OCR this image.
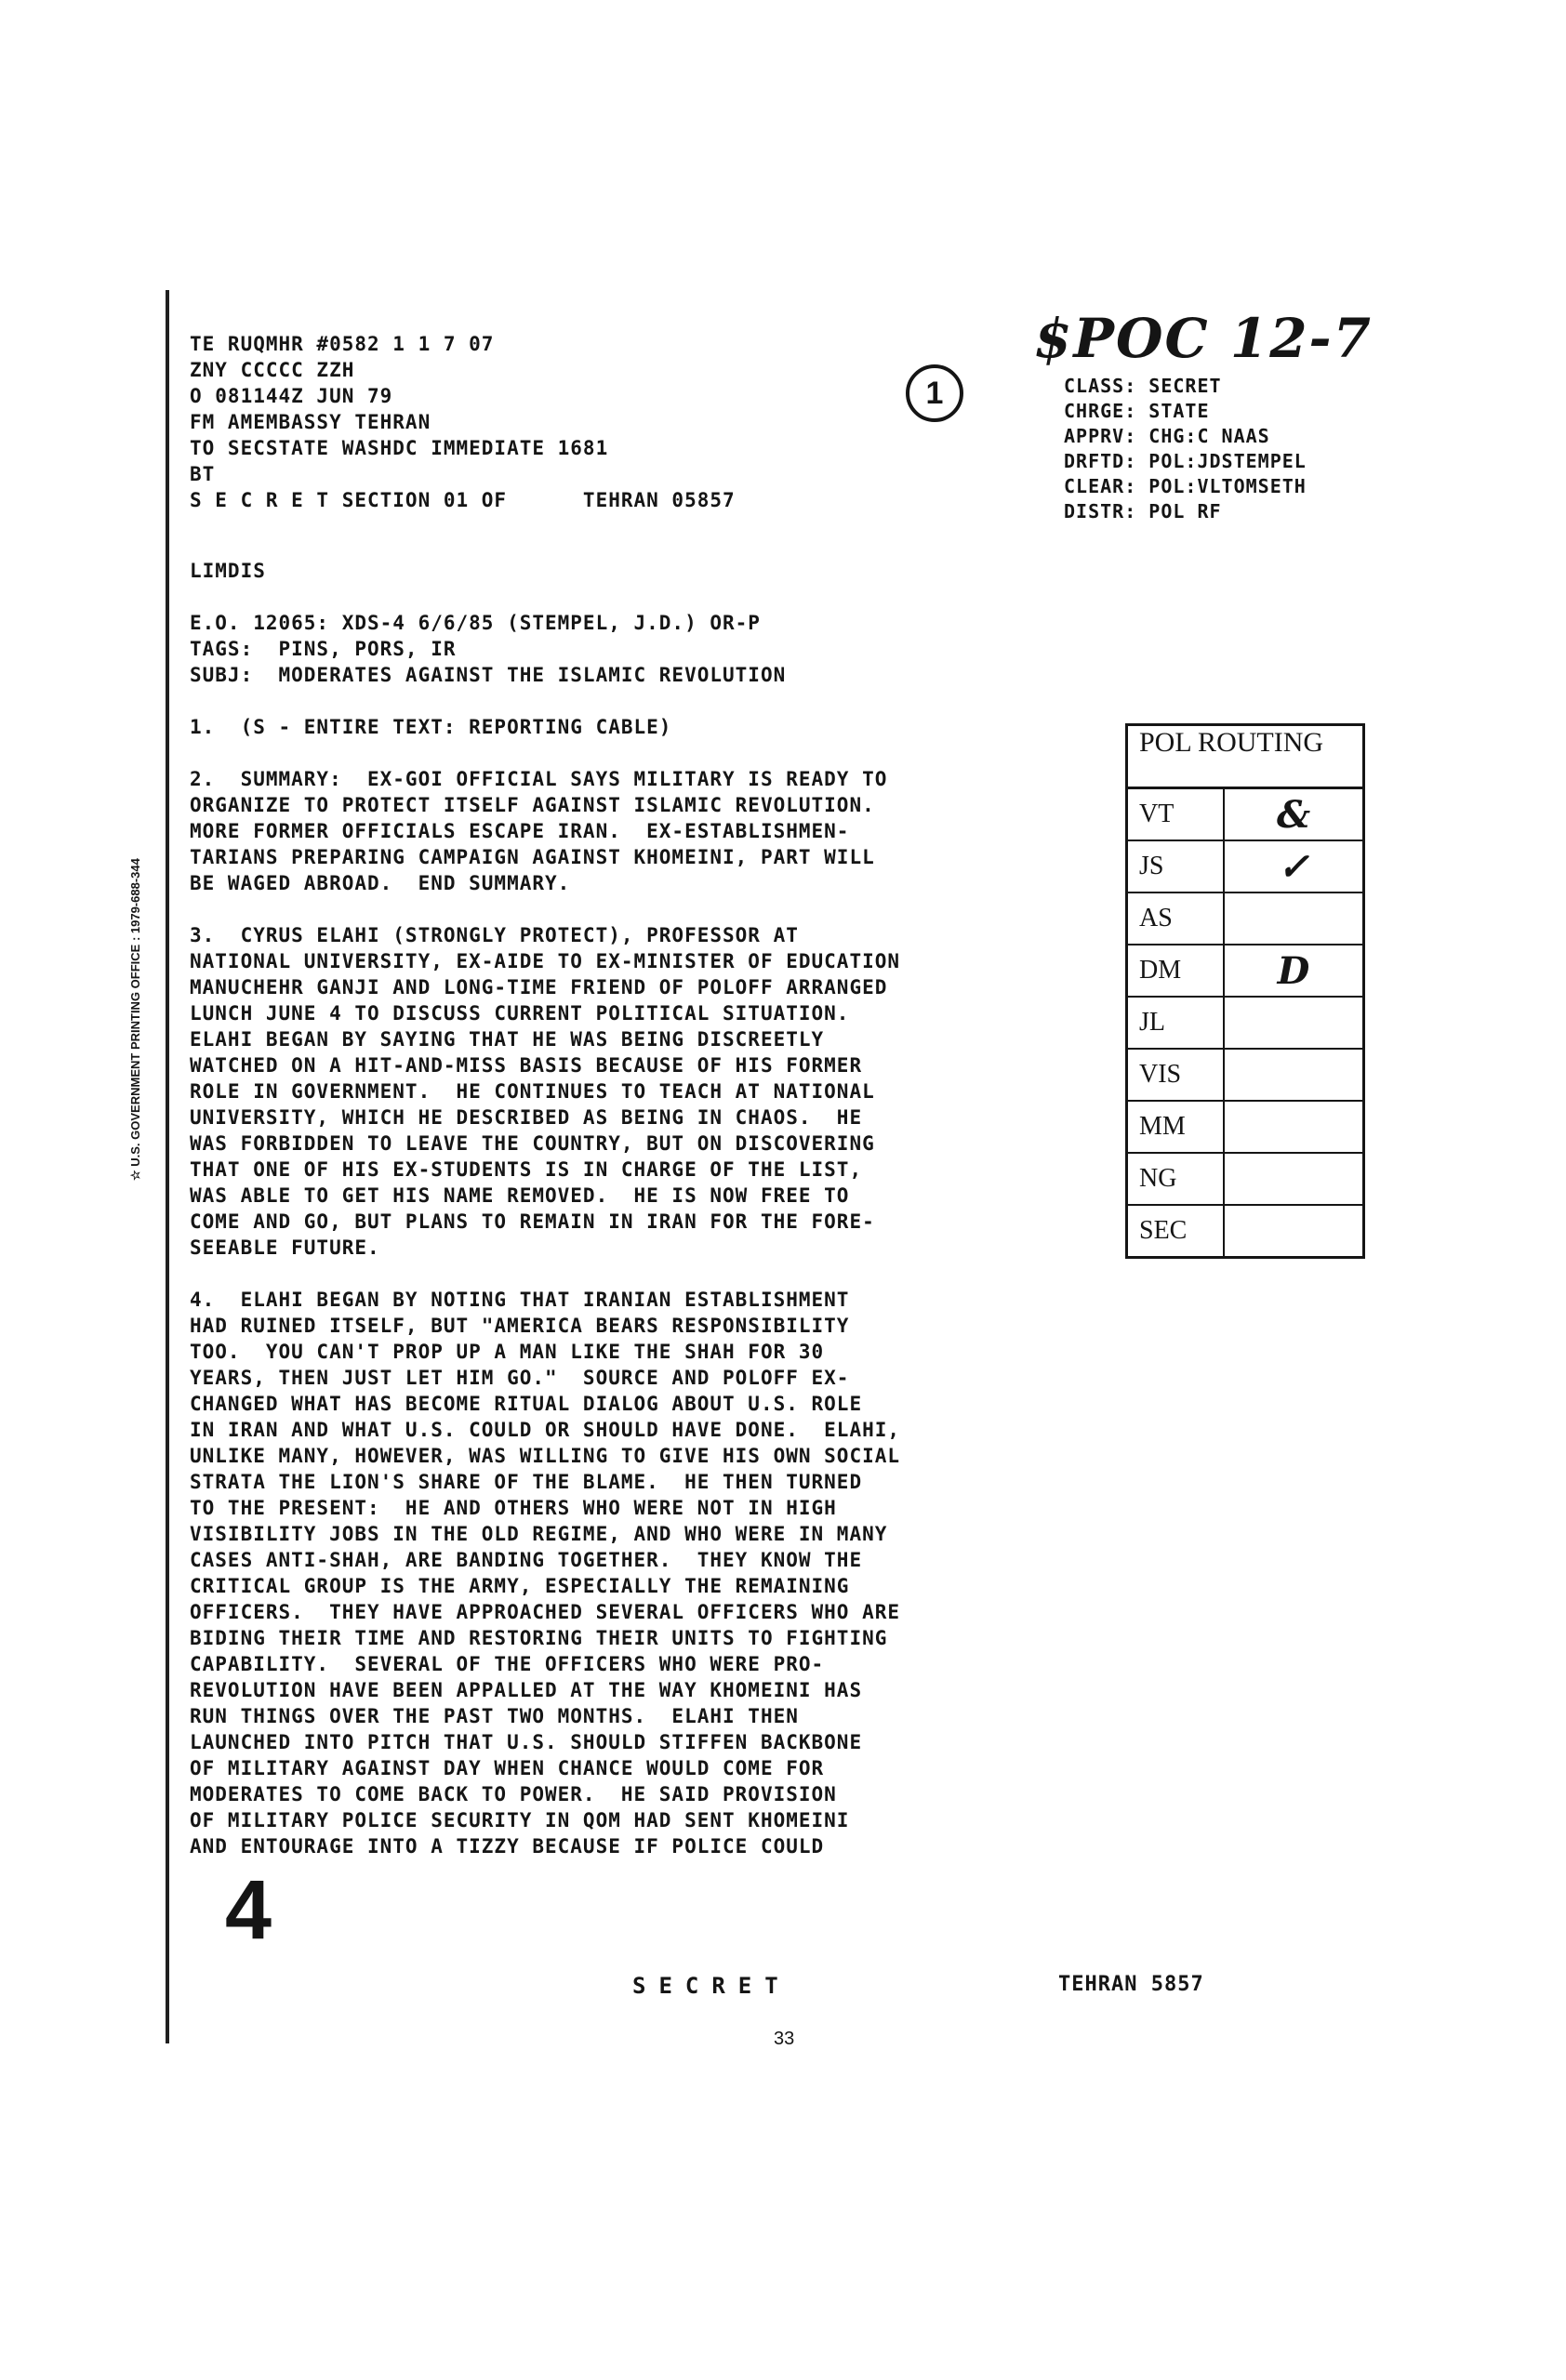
☆ U.S. GOVERNMENT PRINTING OFFICE : 1979-688-344
$POC 12-7
TE RUQMHR #0582 1 1 7 07
ZNY CCCCC ZZH
O 081144Z JUN 79
FM AMEMBASSY TEHRAN
TO SECSTATE WASHDC IMMEDIATE 1681
BT
S E C R E T SECTION 01 OF      TEHRAN 05857
1	CLASS: SECRET
CHRGE: STATE
APPRV: CHG:C NAAS
DRFTD: POL:JDSTEMPEL
CLEAR: POL:VLTOMSETH
DISTR: POL RF
LIMDIS

E.O. 12065: XDS-4 6/6/85 (STEMPEL, J.D.) OR-P
TAGS:  PINS, PORS, IR
SUBJ:  MODERATES AGAINST THE ISLAMIC REVOLUTION

1.  (S - ENTIRE TEXT: REPORTING CABLE)

2.  SUMMARY:  EX-GOI OFFICIAL SAYS MILITARY IS READY TO
ORGANIZE TO PROTECT ITSELF AGAINST ISLAMIC REVOLUTION.
MORE FORMER OFFICIALS ESCAPE IRAN.  EX-ESTABLISHMEN-
TARIANS PREPARING CAMPAIGN AGAINST KHOMEINI, PART WILL
BE WAGED ABROAD.  END SUMMARY.

3.  CYRUS ELAHI (STRONGLY PROTECT), PROFESSOR AT
NATIONAL UNIVERSITY, EX-AIDE TO EX-MINISTER OF EDUCATION
MANUCHEHR GANJI AND LONG-TIME FRIEND OF POLOFF ARRANGED
LUNCH JUNE 4 TO DISCUSS CURRENT POLITICAL SITUATION.
ELAHI BEGAN BY SAYING THAT HE WAS BEING DISCREETLY
WATCHED ON A HIT-AND-MISS BASIS BECAUSE OF HIS FORMER
ROLE IN GOVERNMENT.  HE CONTINUES TO TEACH AT NATIONAL
UNIVERSITY, WHICH HE DESCRIBED AS BEING IN CHAOS.  HE
WAS FORBIDDEN TO LEAVE THE COUNTRY, BUT ON DISCOVERING
THAT ONE OF HIS EX-STUDENTS IS IN CHARGE OF THE LIST,
WAS ABLE TO GET HIS NAME REMOVED.  HE IS NOW FREE TO
COME AND GO, BUT PLANS TO REMAIN IN IRAN FOR THE FORE-
SEEABLE FUTURE.

4.  ELAHI BEGAN BY NOTING THAT IRANIAN ESTABLISHMENT
HAD RUINED ITSELF, BUT "AMERICA BEARS RESPONSIBILITY
TOO.  YOU CAN'T PROP UP A MAN LIKE THE SHAH FOR 30
YEARS, THEN JUST LET HIM GO."  SOURCE AND POLOFF EX-
CHANGED WHAT HAS BECOME RITUAL DIALOG ABOUT U.S. ROLE
IN IRAN AND WHAT U.S. COULD OR SHOULD HAVE DONE.  ELAHI,
UNLIKE MANY, HOWEVER, WAS WILLING TO GIVE HIS OWN SOCIAL
STRATA THE LION'S SHARE OF THE BLAME.  HE THEN TURNED
TO THE PRESENT:  HE AND OTHERS WHO WERE NOT IN HIGH
VISIBILITY JOBS IN THE OLD REGIME, AND WHO WERE IN MANY
CASES ANTI-SHAH, ARE BANDING TOGETHER.  THEY KNOW THE
CRITICAL GROUP IS THE ARMY, ESPECIALLY THE REMAINING
OFFICERS.  THEY HAVE APPROACHED SEVERAL OFFICERS WHO ARE
BIDING THEIR TIME AND RESTORING THEIR UNITS TO FIGHTING
CAPABILITY.  SEVERAL OF THE OFFICERS WHO WERE PRO-
REVOLUTION HAVE BEEN APPALLED AT THE WAY KHOMEINI HAS
RUN THINGS OVER THE PAST TWO MONTHS.  ELAHI THEN
LAUNCHED INTO PITCH THAT U.S. SHOULD STIFFEN BACKBONE
OF MILITARY AGAINST DAY WHEN CHANCE WOULD COME FOR
MODERATES TO COME BACK TO POWER.  HE SAID PROVISION
OF MILITARY POLICE SECURITY IN QOM HAD SENT KHOMEINI
AND ENTOURAGE INTO A TIZZY BECAUSE IF POLICE COULD
POL ROUTING
VT	&
JS	✓
AS
DM	D
JL
VIS
MM
NG
SEC
4
SECRET	TEHRAN 5857
33
